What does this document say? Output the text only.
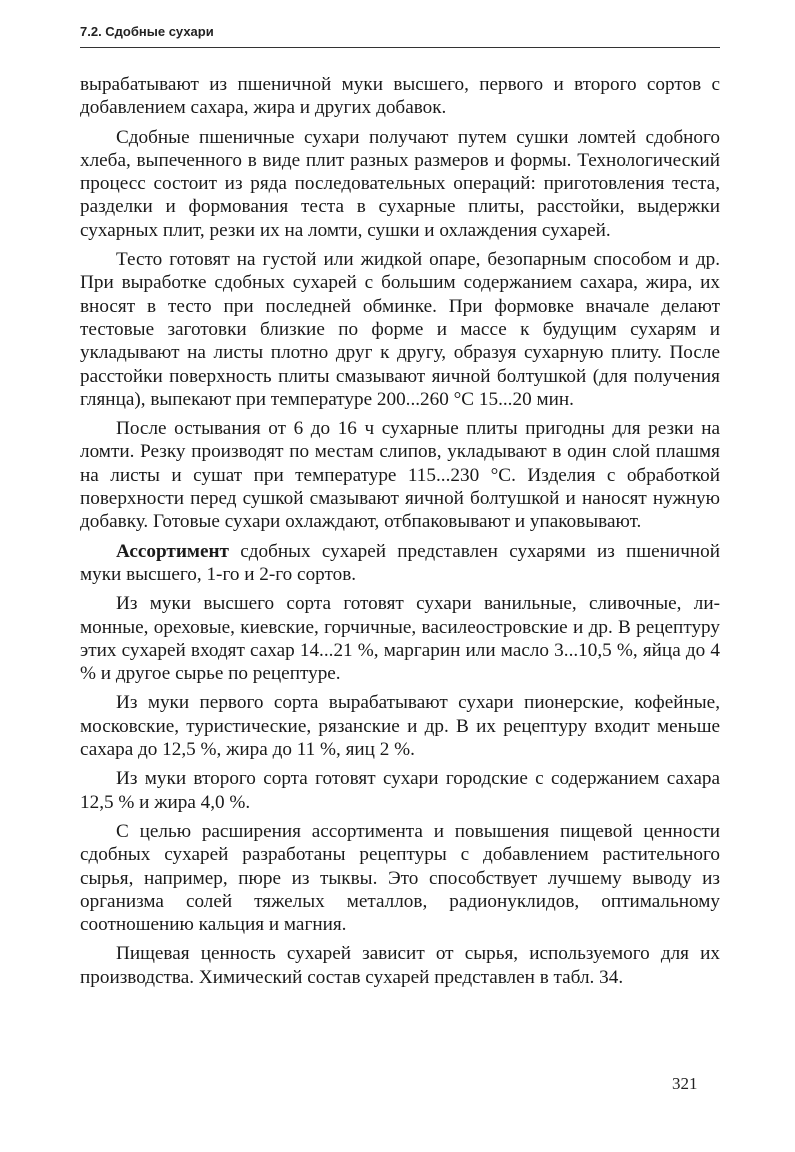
7.2. Сдобные сухари

вырабатывают из пшеничной муки высшего, первого и второго сортов с добавлением сахара, жира и других добавок.

Сдобные пшеничные сухари получают путем сушки ломтей сдобного хлеба, выпеченного в виде плит разных размеров и формы. Технологический процесс состоит из ряда последовательных операций: приготовления теста, разделки и формования теста в сухарные плиты, расстойки, выдержки сухарных плит, резки их на ломти, сушки и охлаждения сухарей.

Тесто готовят на густой или жидкой опаре, безопарным способом и др. При выработке сдобных сухарей с большим содержанием сахара, жира, их вносят в тесто при последней обминке. При формовке вначале делают тестовые заготовки близкие по форме и массе к будущим сухарям и укладывают на листы плотно друг к другу, образуя сухарную плиту. После расстойки поверхность плиты смазывают яичной болтушкой (для получения глянца), выпекают при температуре 200...260 °С 15...20 мин.

После остывания от 6 до 16 ч сухарные плиты пригодны для резки на ломти. Резку производят по местам слипов, укладывают в один слой плашмя на листы и сушат при температуре 115...230 °С. Изделия с обработкой поверхности перед сушкой смазывают яичной болтушкой и наносят нужную добавку. Готовые сухари охлаждают, отбпаковывают и упаковывают.

Ассортимент сдобных сухарей представлен сухарями из пшеничной муки высшего, 1-го и 2-го сортов.

Из муки высшего сорта готовят сухари ванильные, сливочные, лимонные, ореховые, киевские, горчичные, василеостровские и др. В рецептуру этих сухарей входят сахар 14...21 %, маргарин или масло 3...10,5 %, яйца до 4 % и другое сырье по рецептуре.

Из муки первого сорта вырабатывают сухари пионерские, кофейные, московские, туристические, рязанские и др. В их рецептуру входит меньше сахара до 12,5 %, жира до 11 %, яиц 2 %.

Из муки второго сорта готовят сухари городские с содержанием сахара 12,5 % и жира 4,0 %.

С целью расширения ассортимента и повышения пищевой ценности сдобных сухарей разработаны рецептуры с добавлением растительного сырья, например, пюре из тыквы. Это способствует лучшему выводу из организма солей тяжелых металлов, радионуклидов, оптимальному соотношению кальция и магния.

Пищевая ценность сухарей зависит от сырья, используемого для их производства. Химический состав сухарей представлен в табл. 34.

321
